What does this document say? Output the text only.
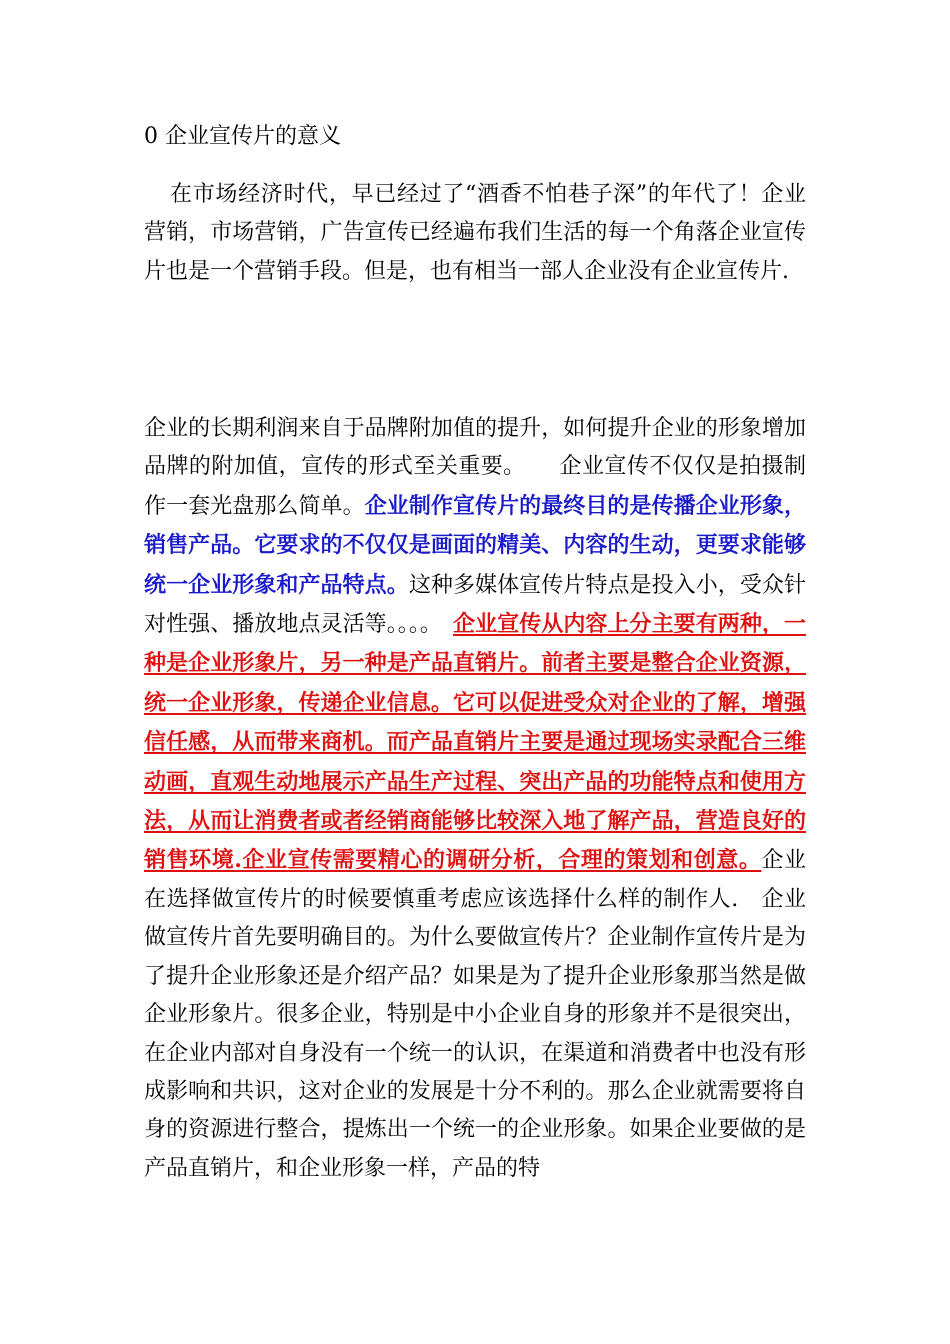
0 企业宣传片的意义
在市场经济时代，早已经过了“酒香不怕巷子深”的年代了！企业营销，市场营销，广告宣传已经遍布我们生活的每一个角落企业宣传片也是一个营销手段。但是，也有相当一部人企业没有企业宣传片.
企业的长期利润来自于品牌附加值的提升，如何提升企业的形象增加品牌的附加值，宣传的形式至关重要。　　企业宣传不仅仅是拍摄制作一套光盘那么简单。企业制作宣传片的最终目的是传播企业形象，销售产品。它要求的不仅仅是画面的精美、内容的生动，更要求能够统一企业形象和产品特点。这种多媒体宣传片特点是投入小，受众针对性强、播放地点灵活等。。。。　企业宣传从内容上分主要有两种，一种是企业形象片，另一种是产品直销片。前者主要是整合企业资源，统一企业形象，传递企业信息。它可以促进受众对企业的了解，增强信任感，从而带来商机。而产品直销片主要是通过现场实录配合三维动画，直观生动地展示产品生产过程、突出产品的功能特点和使用方法，从而让消费者或者经销商能够比较深入地了解产品，营造良好的销售环境.企业宣传需要精心的调研分析，合理的策划和创意。企业在选择做宣传片的时候要慎重考虑应该选择什么样的制作人.　企业做宣传片首先要明确目的。为什么要做宣传片？企业制作宣传片是为了提升企业形象还是介绍产品？如果是为了提升企业形象那当然是做企业形象片。很多企业，特别是中小企业自身的形象并不是很突出，在企业内部对自身没有一个统一的认识，在渠道和消费者中也没有形成影响和共识，这对企业的发展是十分不利的。那么企业就需要将自身的资源进行整合，提炼出一个统一的企业形象。如果企业要做的是产品直销片，和企业形象一样，产品的特
